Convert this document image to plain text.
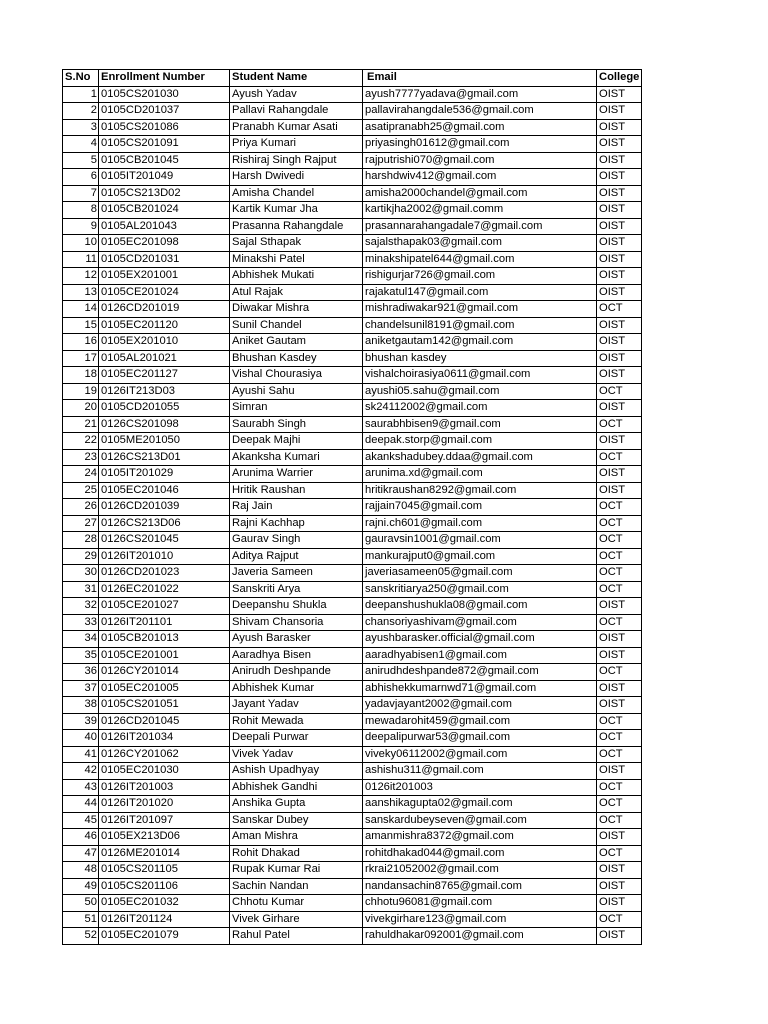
S.No	Enrollment Number	Student Name	Email	College
1	0105CS201030	Ayush Yadav	ayush7777yadava@gmail.com	OIST
2	0105CD201037	Pallavi Rahangdale	pallavirahangdale536@gmail.com	OIST
3	0105CS201086	Pranabh Kumar Asati	asatipranabh25@gmail.com	OIST
4	0105CS201091	Priya Kumari	priyasingh01612@gmail.com	OIST
5	0105CB201045	Rishiraj Singh Rajput	rajputrishi070@gmail.com	OIST
6	0105IT201049	Harsh Dwivedi	harshdwiv412@gmail.com	OIST
7	0105CS213D02	Amisha Chandel	amisha2000chandel@gmail.com	OIST
8	0105CB201024	Kartik Kumar Jha	kartikjha2002@gmail.comm	OIST
9	0105AL201043	Prasanna Rahangdale	prasannarahangadale7@gmail.com	OIST
10	0105EC201098	Sajal Sthapak	sajalsthapak03@gmail.com	OIST
11	0105CD201031	Minakshi Patel	minakshipatel644@gmail.com	OIST
12	0105EX201001	Abhishek Mukati	rishigurjar726@gmail.com	OIST
13	0105CE201024	Atul Rajak	rajakatul147@gmail.com	OIST
14	0126CD201019	Diwakar Mishra	mishradiwakar921@gmail.com	OCT
15	0105EC201120	Sunil Chandel	chandelsunil8191@gmail.com	OIST
16	0105EX201010	Aniket Gautam	aniketgautam142@gmail.com	OIST
17	0105AL201021	Bhushan Kasdey	bhushan kasdey	OIST
18	0105EC201127	Vishal Chourasiya	vishalchoirasiya0611@gmail.com	OIST
19	0126IT213D03	Ayushi Sahu	ayushi05.sahu@gmail.com	OCT
20	0105CD201055	Simran	sk24112002@gmail.com	OIST
21	0126CS201098	Saurabh Singh	saurabhbisen9@gmail.com	OCT
22	0105ME201050	Deepak Majhi	deepak.storp@gmail.com	OIST
23	0126CS213D01	Akanksha Kumari	akankshadubey.ddaa@gmail.com	OCT
24	0105IT201029	Arunima Warrier	arunima.xd@gmail.com	OIST
25	0105EC201046	Hritik Raushan	hritikraushan8292@gmail.com	OIST
26	0126CD201039	Raj Jain	rajjain7045@gmail.com	OCT
27	0126CS213D06	Rajni Kachhap	rajni.ch601@gmail.com	OCT
28	0126CS201045	Gaurav Singh	gauravsin1001@gmail.com	OCT
29	0126IT201010	Aditya Rajput	mankurajput0@gmail.com	OCT
30	0126CD201023	Javeria Sameen	javeriasameen05@gmail.com	OCT
31	0126EC201022	Sanskriti Arya	sanskritiarya250@gmail.com	OCT
32	0105CE201027	Deepanshu Shukla	deepanshushukla08@gmail.com	OIST
33	0126IT201101	Shivam Chansoria	chansoriyashivam@gmail.com	OCT
34	0105CB201013	Ayush Barasker	ayushbarasker.official@gmail.com	OIST
35	0105CE201001	Aaradhya Bisen	aaradhyabisen1@gmail.com	OIST
36	0126CY201014	Anirudh Deshpande	anirudhdeshpande872@gmail.com	OCT
37	0105EC201005	Abhishek Kumar	abhishekkumarnwd71@gmail.com	OIST
38	0105CS201051	Jayant Yadav	yadavjayant2002@gmail.com	OIST
39	0126CD201045	Rohit Mewada	mewadarohit459@gmail.com	OCT
40	0126IT201034	Deepali Purwar	deepalipurwar53@gmail.com	OCT
41	0126CY201062	Vivek Yadav	viveky06112002@gmail.com	OCT
42	0105EC201030	Ashish Upadhyay	ashishu311@gmail.com	OIST
43	0126IT201003	Abhishek Gandhi	0126it201003	OCT
44	0126IT201020	Anshika Gupta	aanshikagupta02@gmail.com	OCT
45	0126IT201097	Sanskar Dubey	sanskardubeyseven@gmail.com	OCT
46	0105EX213D06	Aman Mishra	amanmishra8372@gmail.com	OIST
47	0126ME201014	Rohit Dhakad	rohitdhakad044@gmail.com	OCT
48	0105CS201105	Rupak Kumar Rai	rkrai21052002@gmail.com	OIST
49	0105CS201106	Sachin Nandan	nandansachin8765@gmail.com	OIST
50	0105EC201032	Chhotu Kumar	chhotu96081@gmail.com	OIST
51	0126IT201124	Vivek Girhare	vivekgirhare123@gmail.com	OCT
52	0105EC201079	Rahul Patel	rahuldhakar092001@gmail.com	OIST
